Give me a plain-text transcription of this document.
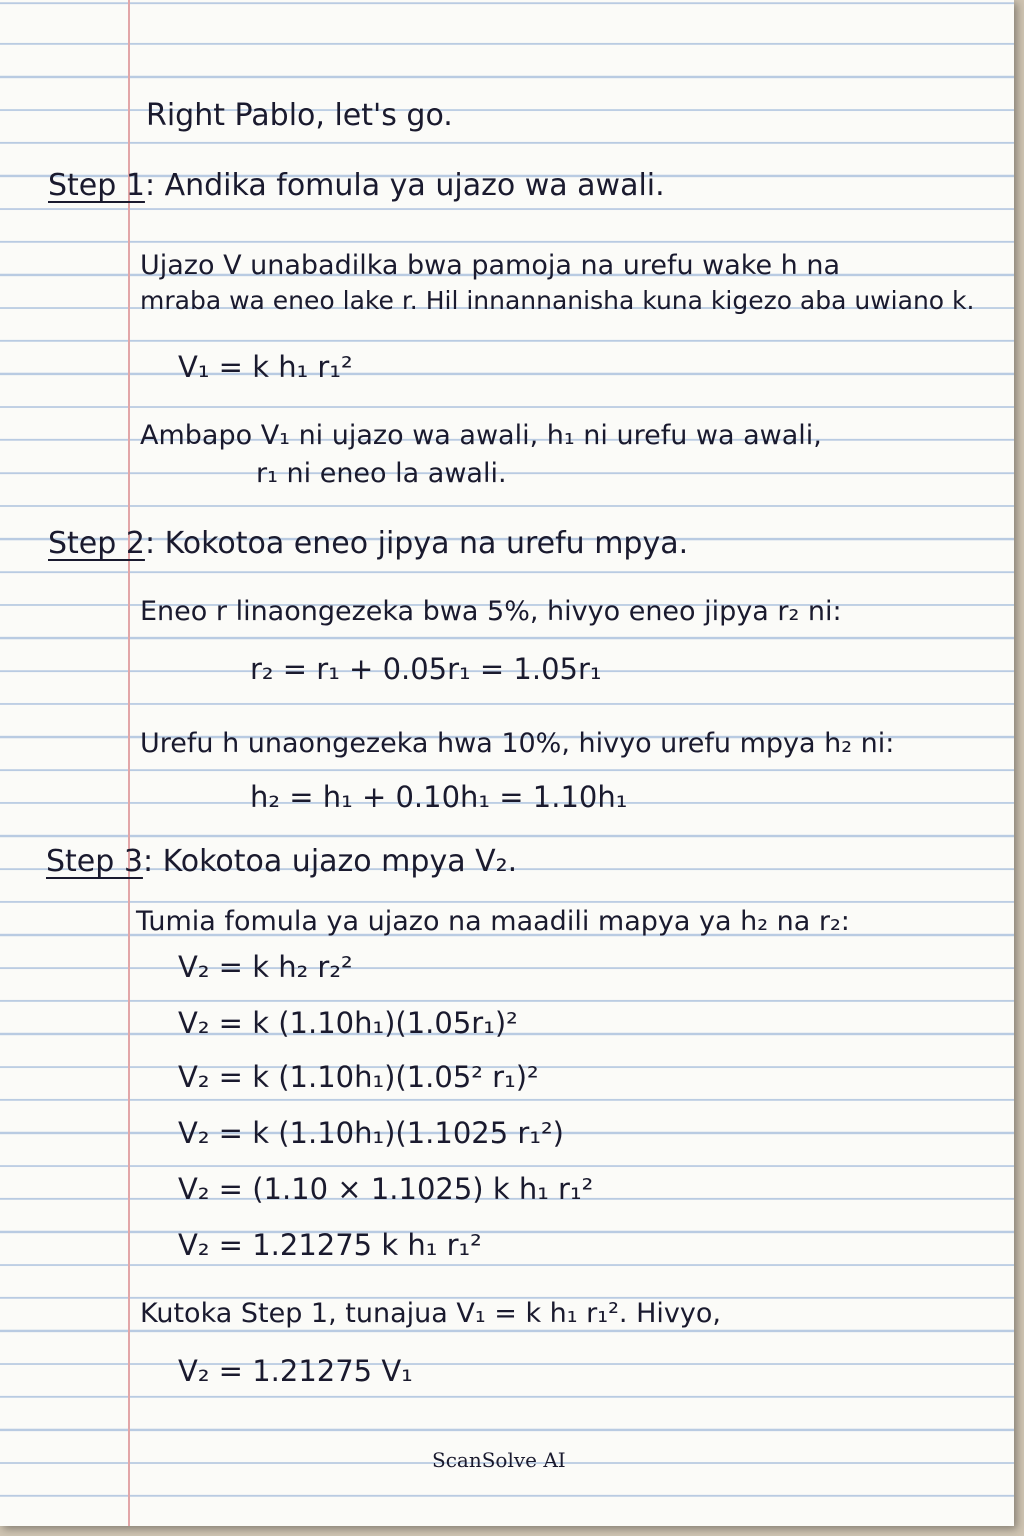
Right Pablo, let's go.
Step 1: Andika fomula ya ujazo wa awali.
Ujazo V unabadilka bwa pamoja na urefu wake h na
mraba wa eneo lake r. Hil innannanisha kuna kigezo aba uwiano k.
V₁ = k h₁ r₁²
Ambapo V₁ ni ujazo wa awali, h₁ ni urefu wa awali,
r₁ ni eneo la awali.
Step 2: Kokotoa eneo jipya na urefu mpya.
Eneo r linaongezeka bwa 5%, hivyo eneo jipya r₂ ni:
r₂ = r₁ + 0.05r₁ = 1.05r₁
Urefu h unaongezeka hwa 10%, hivyo urefu mpya h₂ ni:
h₂ = h₁ + 0.10h₁ = 1.10h₁
Step 3: Kokotoa ujazo mpya V₂.
Tumia fomula ya ujazo na maadili mapya ya h₂ na r₂:
V₂ = k h₂ r₂²
V₂ = k (1.10h₁)(1.05r₁)²
V₂ = k (1.10h₁)(1.05² r₁)²
V₂ = k (1.10h₁)(1.1025 r₁²)
V₂ = (1.10 × 1.1025) k h₁ r₁²
V₂ = 1.21275 k h₁ r₁²
Kutoka Step 1, tunajua V₁ = k h₁ r₁². Hivyo,
V₂ = 1.21275 V₁
ScanSolve AI
